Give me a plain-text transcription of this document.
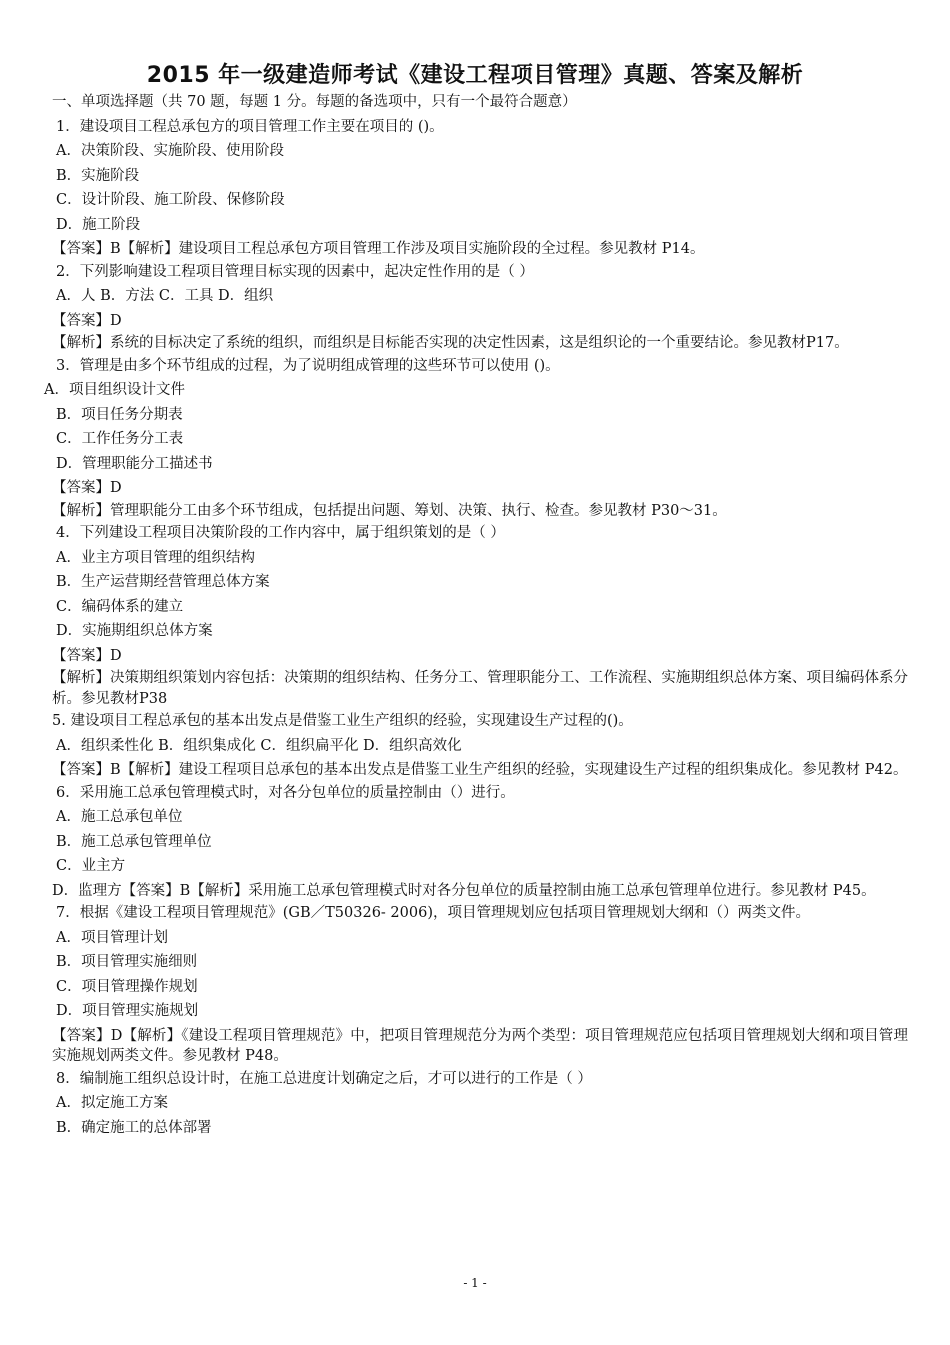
2015 年一级建造师考试《建设工程项目管理》真题、答案及解析

一、单项选择题（共 70 题，每题 1 分。每题的备选项中，只有一个最符合题意）

1．建设项目工程总承包方的项目管理工作主要在项目的 ()。

A．决策阶段、实施阶段、使用阶段

B．实施阶段

C．设计阶段、施工阶段、保修阶段

D．施工阶段

【答案】B【解析】建设项目工程总承包方项目管理工作涉及项目实施阶段的全过程。参见教材 P14。

2．下列影响建设工程项目管理目标实现的因素中，起决定性作用的是（ ）

A．人 B．方法 C．工具 D．组织

【答案】D

【解析】系统的目标决定了系统的组织，而组织是目标能否实现的决定性因素，这是组织论的一个重要结论。参见教材P17。

3．管理是由多个环节组成的过程，为了说明组成管理的这些环节可以使用 ()。

A．项目组织设计文件

B．项目任务分期表

C．工作任务分工表

D．管理职能分工描述书

【答案】D

【解析】管理职能分工由多个环节组成，包括提出问题、筹划、决策、执行、检查。参见教材 P30～31。

4．下列建设工程项目决策阶段的工作内容中，属于组织策划的是（ ）

A．业主方项目管理的组织结构

B．生产运营期经营管理总体方案

C．编码体系的建立

D．实施期组织总体方案

【答案】D

【解析】决策期组织策划内容包括：决策期的组织结构、任务分工、管理职能分工、工作流程、实施期组织总体方案、项目编码体系分析。参见教材P38

5. 建设项目工程总承包的基本出发点是借鉴工业生产组织的经验，实现建设生产过程的()。

A．组织柔性化 B．组织集成化 C．组织扁平化 D．组织高效化

【答案】B【解析】建设工程项目总承包的基本出发点是借鉴工业生产组织的经验，实现建设生产过程的组织集成化。参见教材 P42。

6．采用施工总承包管理模式时，对各分包单位的质量控制由（）进行。

A．施工总承包单位

B．施工总承包管理单位

C．业主方

D．监理方【答案】B【解析】采用施工总承包管理模式时对各分包单位的质量控制由施工总承包管理单位进行。参见教材 P45。

7．根据《建设工程项目管理规范》(GB／T50326- 2006)，项目管理规划应包括项目管理规划大纲和（）两类文件。

A．项目管理计划

B．项目管理实施细则

C．项目管理操作规划

D．项目管理实施规划

【答案】D【解析】《建设工程项目管理规范》中，把项目管理规范分为两个类型：项目管理规范应包括项目管理规划大纲和项目管理实施规划两类文件。参见教材 P48。

8．编制施工组织总设计时，在施工总进度计划确定之后，才可以进行的工作是（ ）

A．拟定施工方案

B．确定施工的总体部署

- 1 -
